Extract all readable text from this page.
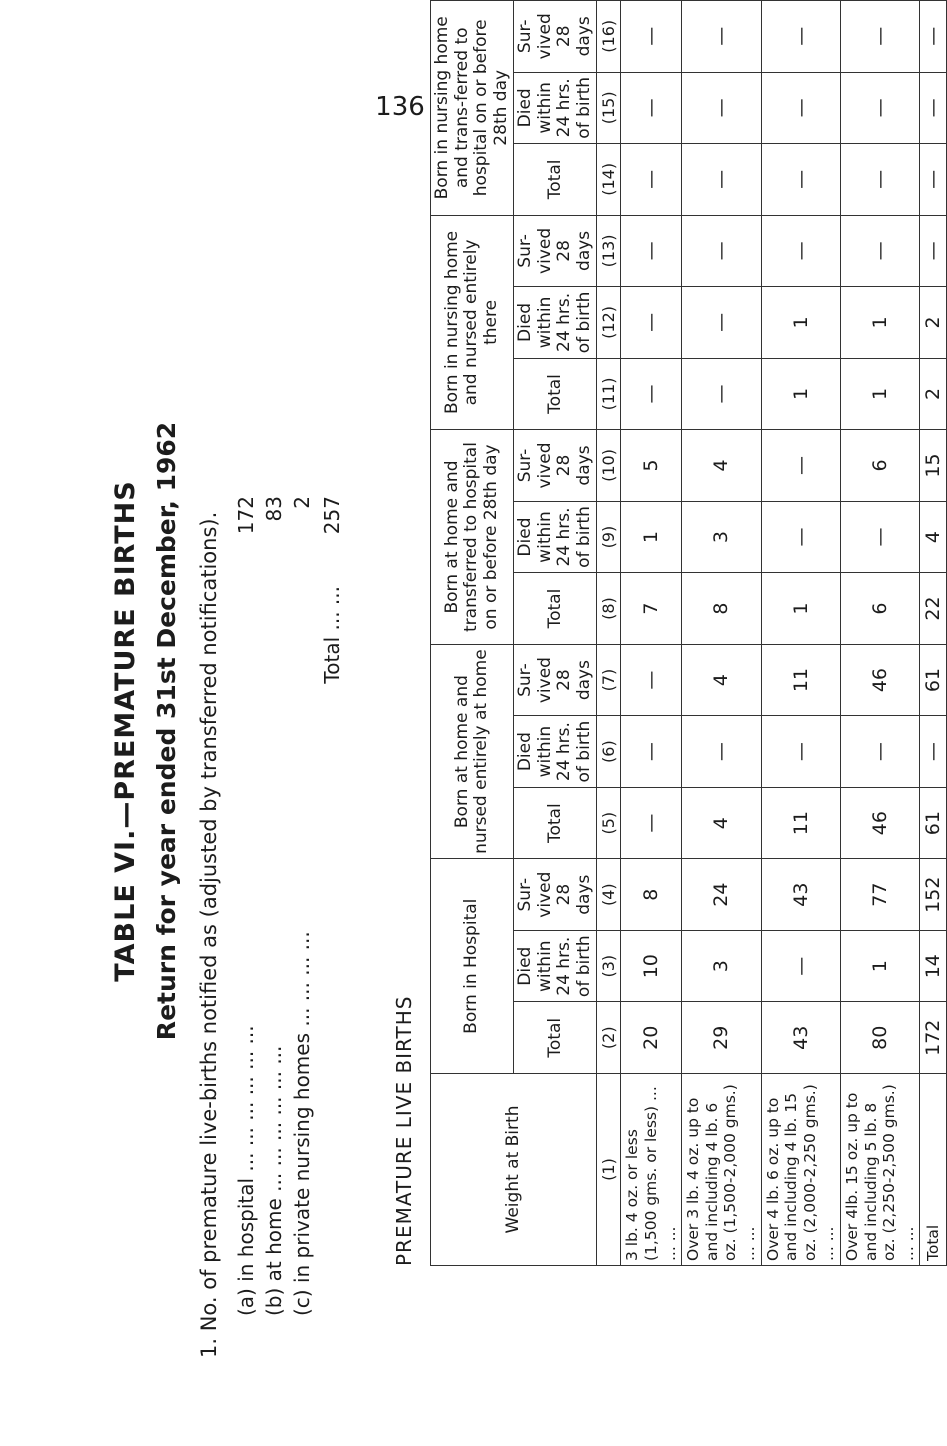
136
TABLE VI.—PREMATURE BIRTHS Return for year ended 31st December, 1962 1. No. of premature live-births notified as (adjusted by transferred notifications). (a) in hospital ... ... ... ... ... ...
172
(b) at home ... ... ... ... ... ...
83
(c) in private nursing homes ... ... ... ...
2
Total ... ...
257
PREMATURE LIVE BIRTHS	Weight at Birth	Born in Hospital			Born at home and nursed entirely at home			Born at home and transferred to hospital on or before 28th day			Born in nursing home and nursed entirely there			Born in nursing home and trans-ferred to hospital on or before 28th day		
	Total	Died within 24 hrs. of birth	Sur-vived 28 days	Total	Died within 24 hrs. of birth	Sur-vived 28 days	Total	Died within 24 hrs. of birth	Sur-vived 28 days	Total	Died within 24 hrs. of birth	Sur-vived 28 days	Total	Died within 24 hrs. of birth	Sur-vived 28 days
(1)	(2)	(3)	(4)	(5)	(6)	(7)	(8)	(9)	(10)	(11)	(12)	(13)	(14)	(15)	(16)
3 lb. 4 oz. or less (1,500 gms. or less) ... ... ...	20	10	8	—	—	—	7	1	5	—	—	—	—	—	—
Over 3 lb. 4 oz. up to and including 4 lb. 6 oz. (1,500-2,000 gms.) ... ...	29	3	24	4	—	4	8	3	4	—	—	—	—	—	—
Over 4 lb. 6 oz. up to and including 4 lb. 15 oz. (2,000-2,250 gms.) ... ...	43	—	43	11	—	11	1	—	—	1	1	—	—	—	—
Over 4lb. 15 oz. up to and including 5 lb. 8 oz. (2,250-2,500 gms.) ... ...	80	1	77	46	—	46	6	—	6	1	1	—	—	—	—
Total	172	14	152	61	—	61	22	4	15	2	2	—	—	—	—
